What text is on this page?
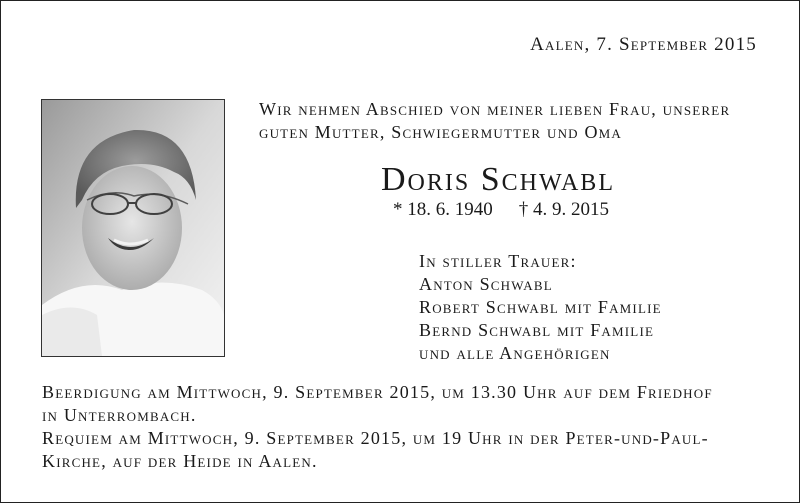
Aalen, 7. September 2015

Wir nehmen Abschied von meiner lieben Frau, unserer
guten Mutter, Schwiegermutter und Oma

Doris Schwabl
* 18. 6. 1940 † 4. 9. 2015
In stiller Trauer:
Anton Schwabl
Robert Schwabl mit Familie
Bernd Schwabl mit Familie
und alle Angehörigen

Beerdigung am Mittwoch, 9. September 2015, um 13.30 Uhr auf dem Friedhof
in Unterrombach.
Requiem am Mittwoch, 9. September 2015, um 19 Uhr in der Peter-und-Paul-
Kirche, auf der Heide in Aalen.
